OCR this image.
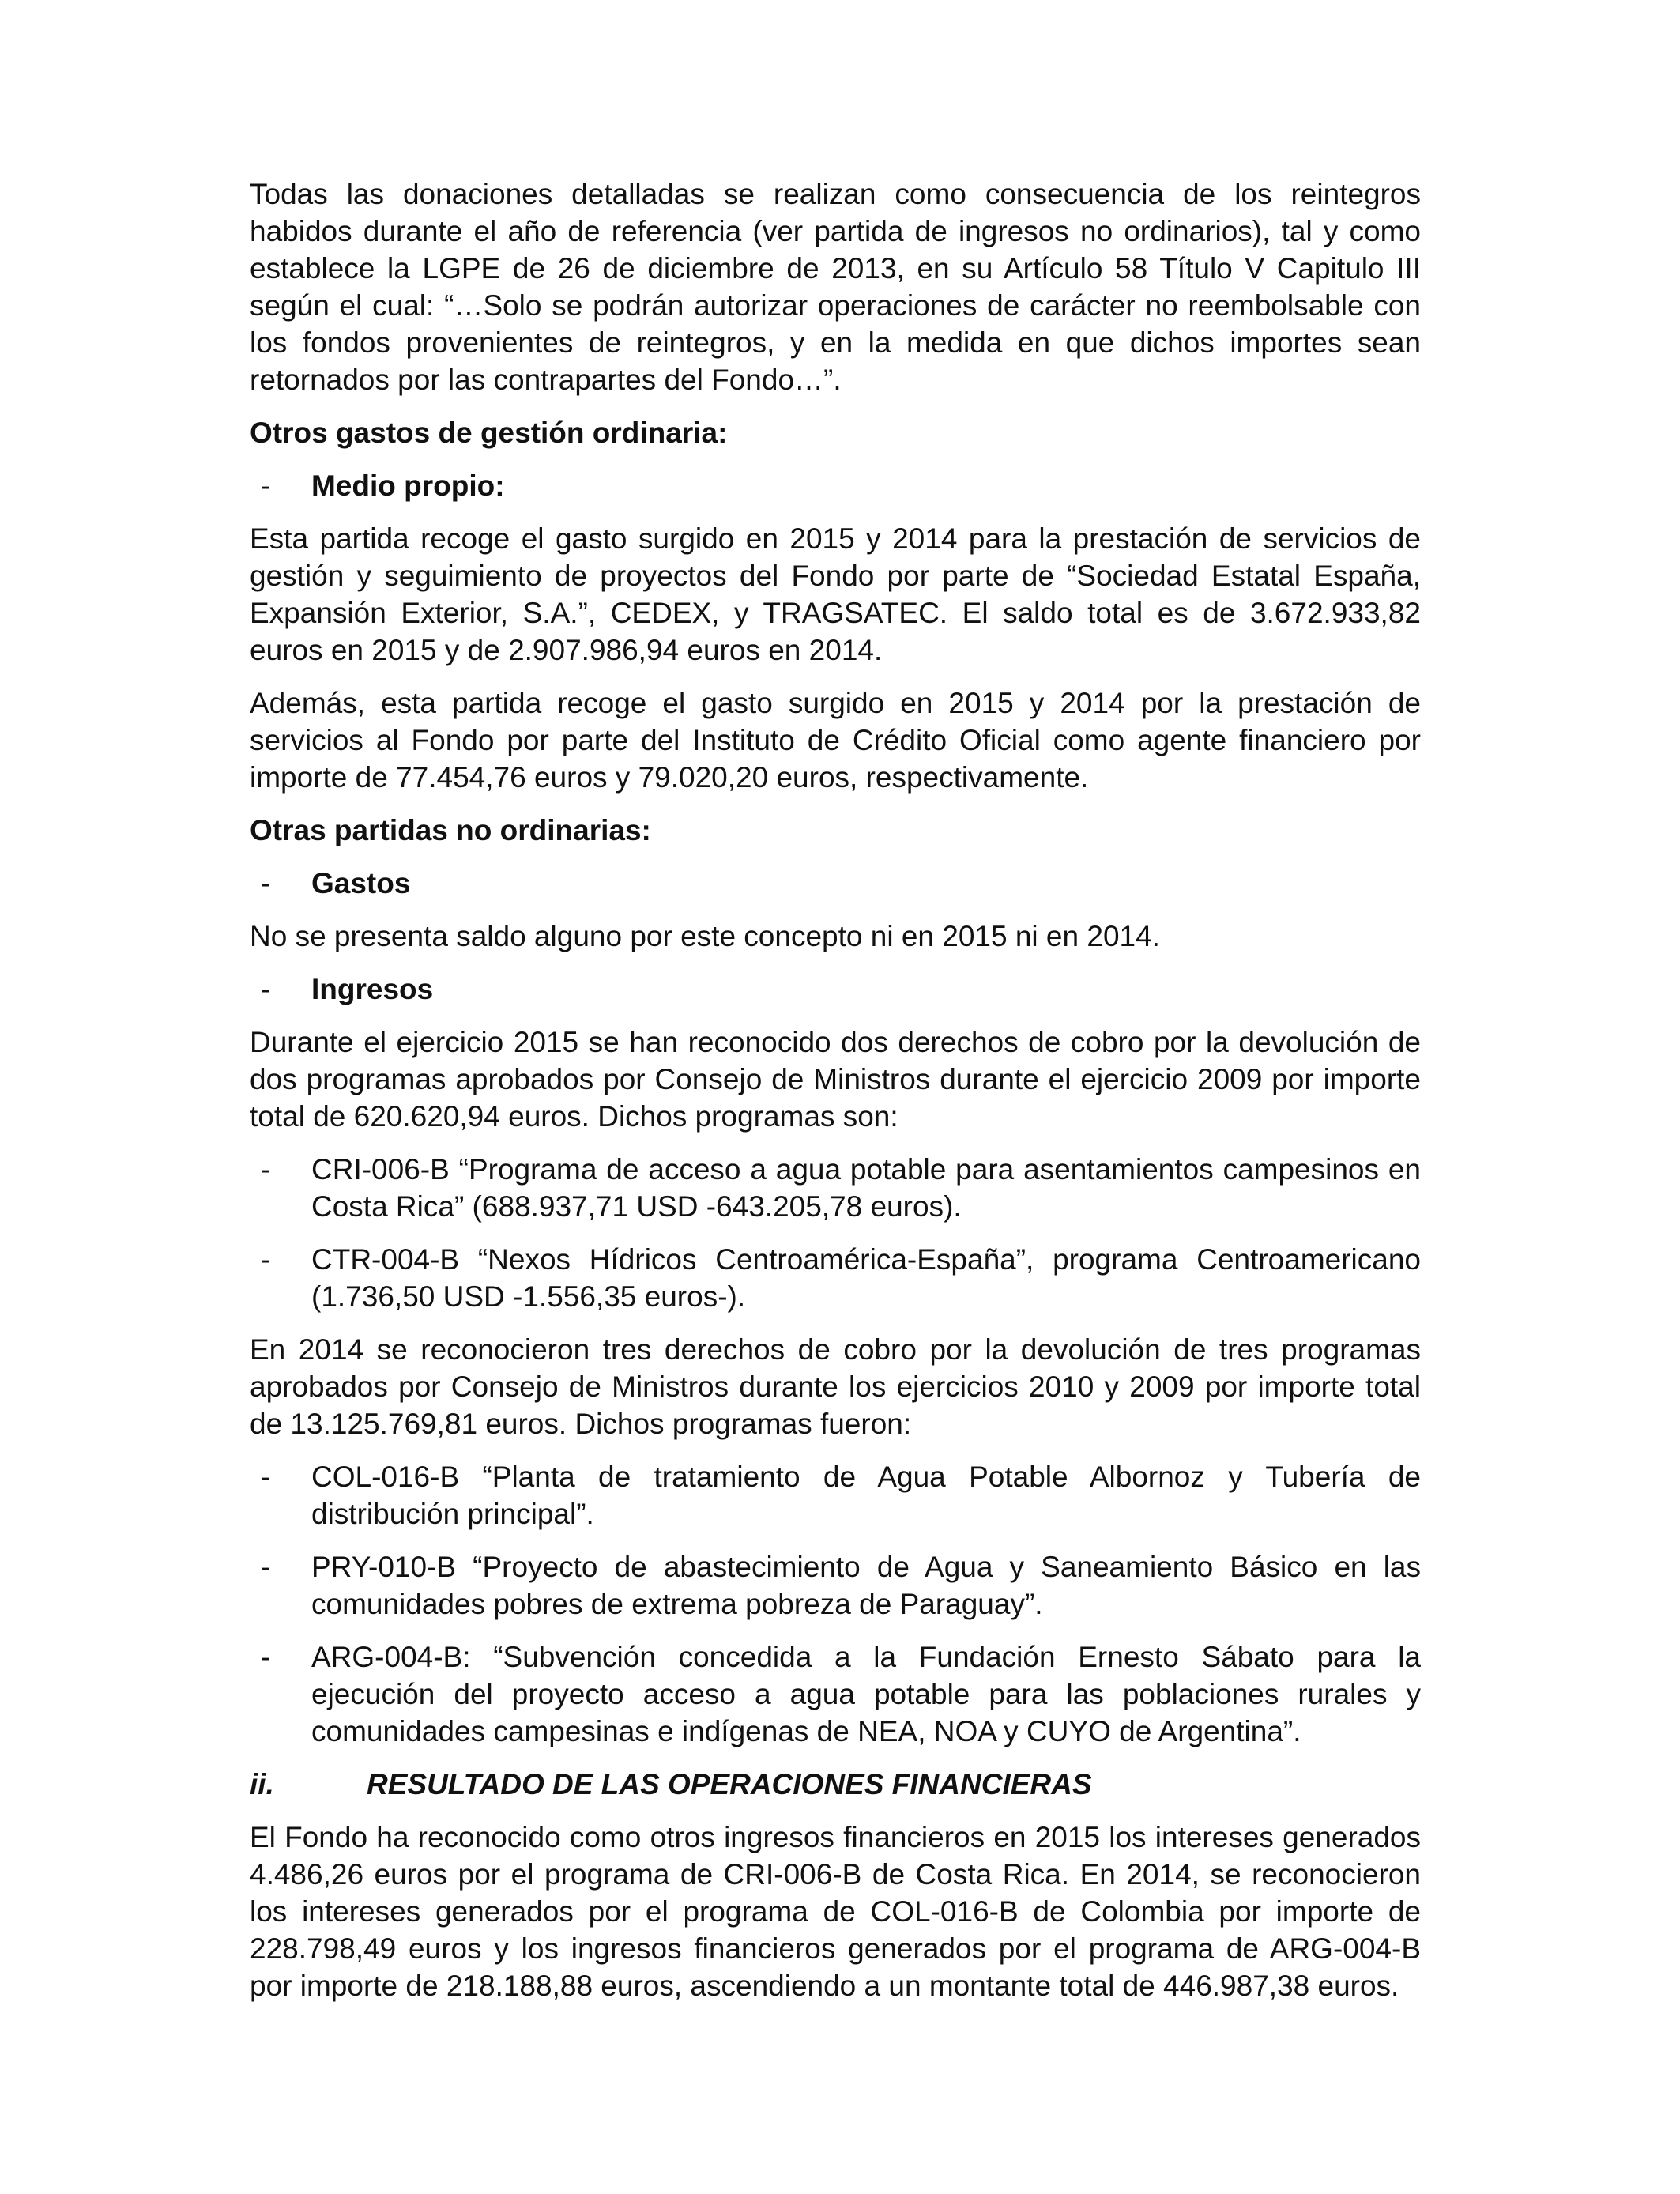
Todas las donaciones detalladas se realizan como consecuencia de los reintegros habidos durante el año de referencia (ver partida de ingresos no ordinarios), tal y como establece la LGPE de 26 de diciembre de 2013, en su Artículo 58 Título V Capitulo III según el cual: “…Solo se podrán autorizar operaciones de carácter no reembolsable con los fondos provenientes de reintegros, y en la medida en que dichos importes sean retornados por las contrapartes del Fondo…”.

Otros gastos de gestión ordinaria:

-	Medio propio:

Esta partida recoge el gasto surgido en 2015 y 2014 para la prestación de servicios de gestión y seguimiento de proyectos del Fondo por parte de “Sociedad Estatal España, Expansión Exterior, S.A.”, CEDEX, y TRAGSATEC. El saldo total es de 3.672.933,82 euros en 2015 y de 2.907.986,94 euros en 2014.

Además, esta partida recoge el gasto surgido en 2015 y 2014 por la prestación de servicios al Fondo por parte del Instituto de Crédito Oficial como agente financiero por importe de 77.454,76 euros y 79.020,20 euros, respectivamente.

Otras partidas no ordinarias:

-	Gastos

No se presenta saldo alguno por este concepto ni en 2015 ni en 2014.

-	Ingresos

Durante el ejercicio 2015 se han reconocido dos derechos de cobro por la devolución de dos programas aprobados por Consejo de Ministros durante el ejercicio 2009 por importe total de 620.620,94 euros. Dichos programas son:

-	CRI-006-B “Programa de acceso a agua potable para asentamientos campesinos en Costa Rica” (688.937,71 USD -643.205,78 euros).
-	CTR-004-B “Nexos Hídricos Centroamérica-España”, programa Centroamericano (1.736,50 USD -1.556,35 euros-).

En 2014 se reconocieron tres derechos de cobro por la devolución de tres programas aprobados por Consejo de Ministros durante los ejercicios 2010 y 2009 por importe total de 13.125.769,81 euros. Dichos programas fueron:

-	COL-016-B “Planta de tratamiento de Agua Potable Albornoz y Tubería de distribución principal”.
-	PRY-010-B “Proyecto de abastecimiento de Agua y Saneamiento Básico en las comunidades pobres de extrema pobreza de Paraguay”.
-	ARG-004-B: “Subvención concedida a la Fundación Ernesto Sábato para la ejecución del proyecto acceso a agua potable para las poblaciones rurales y comunidades campesinas e indígenas de NEA, NOA y CUYO de Argentina”.
ii.	RESULTADO DE LAS OPERACIONES FINANCIERAS

El Fondo ha reconocido como otros ingresos financieros en 2015 los intereses generados 4.486,26 euros por el programa de CRI-006-B de Costa Rica. En 2014, se reconocieron los intereses generados por el programa de COL-016-B de Colombia por importe de 228.798,49 euros y los ingresos financieros generados por el programa de ARG-004-B por importe de 218.188,88 euros, ascendiendo a un montante total de 446.987,38 euros.
